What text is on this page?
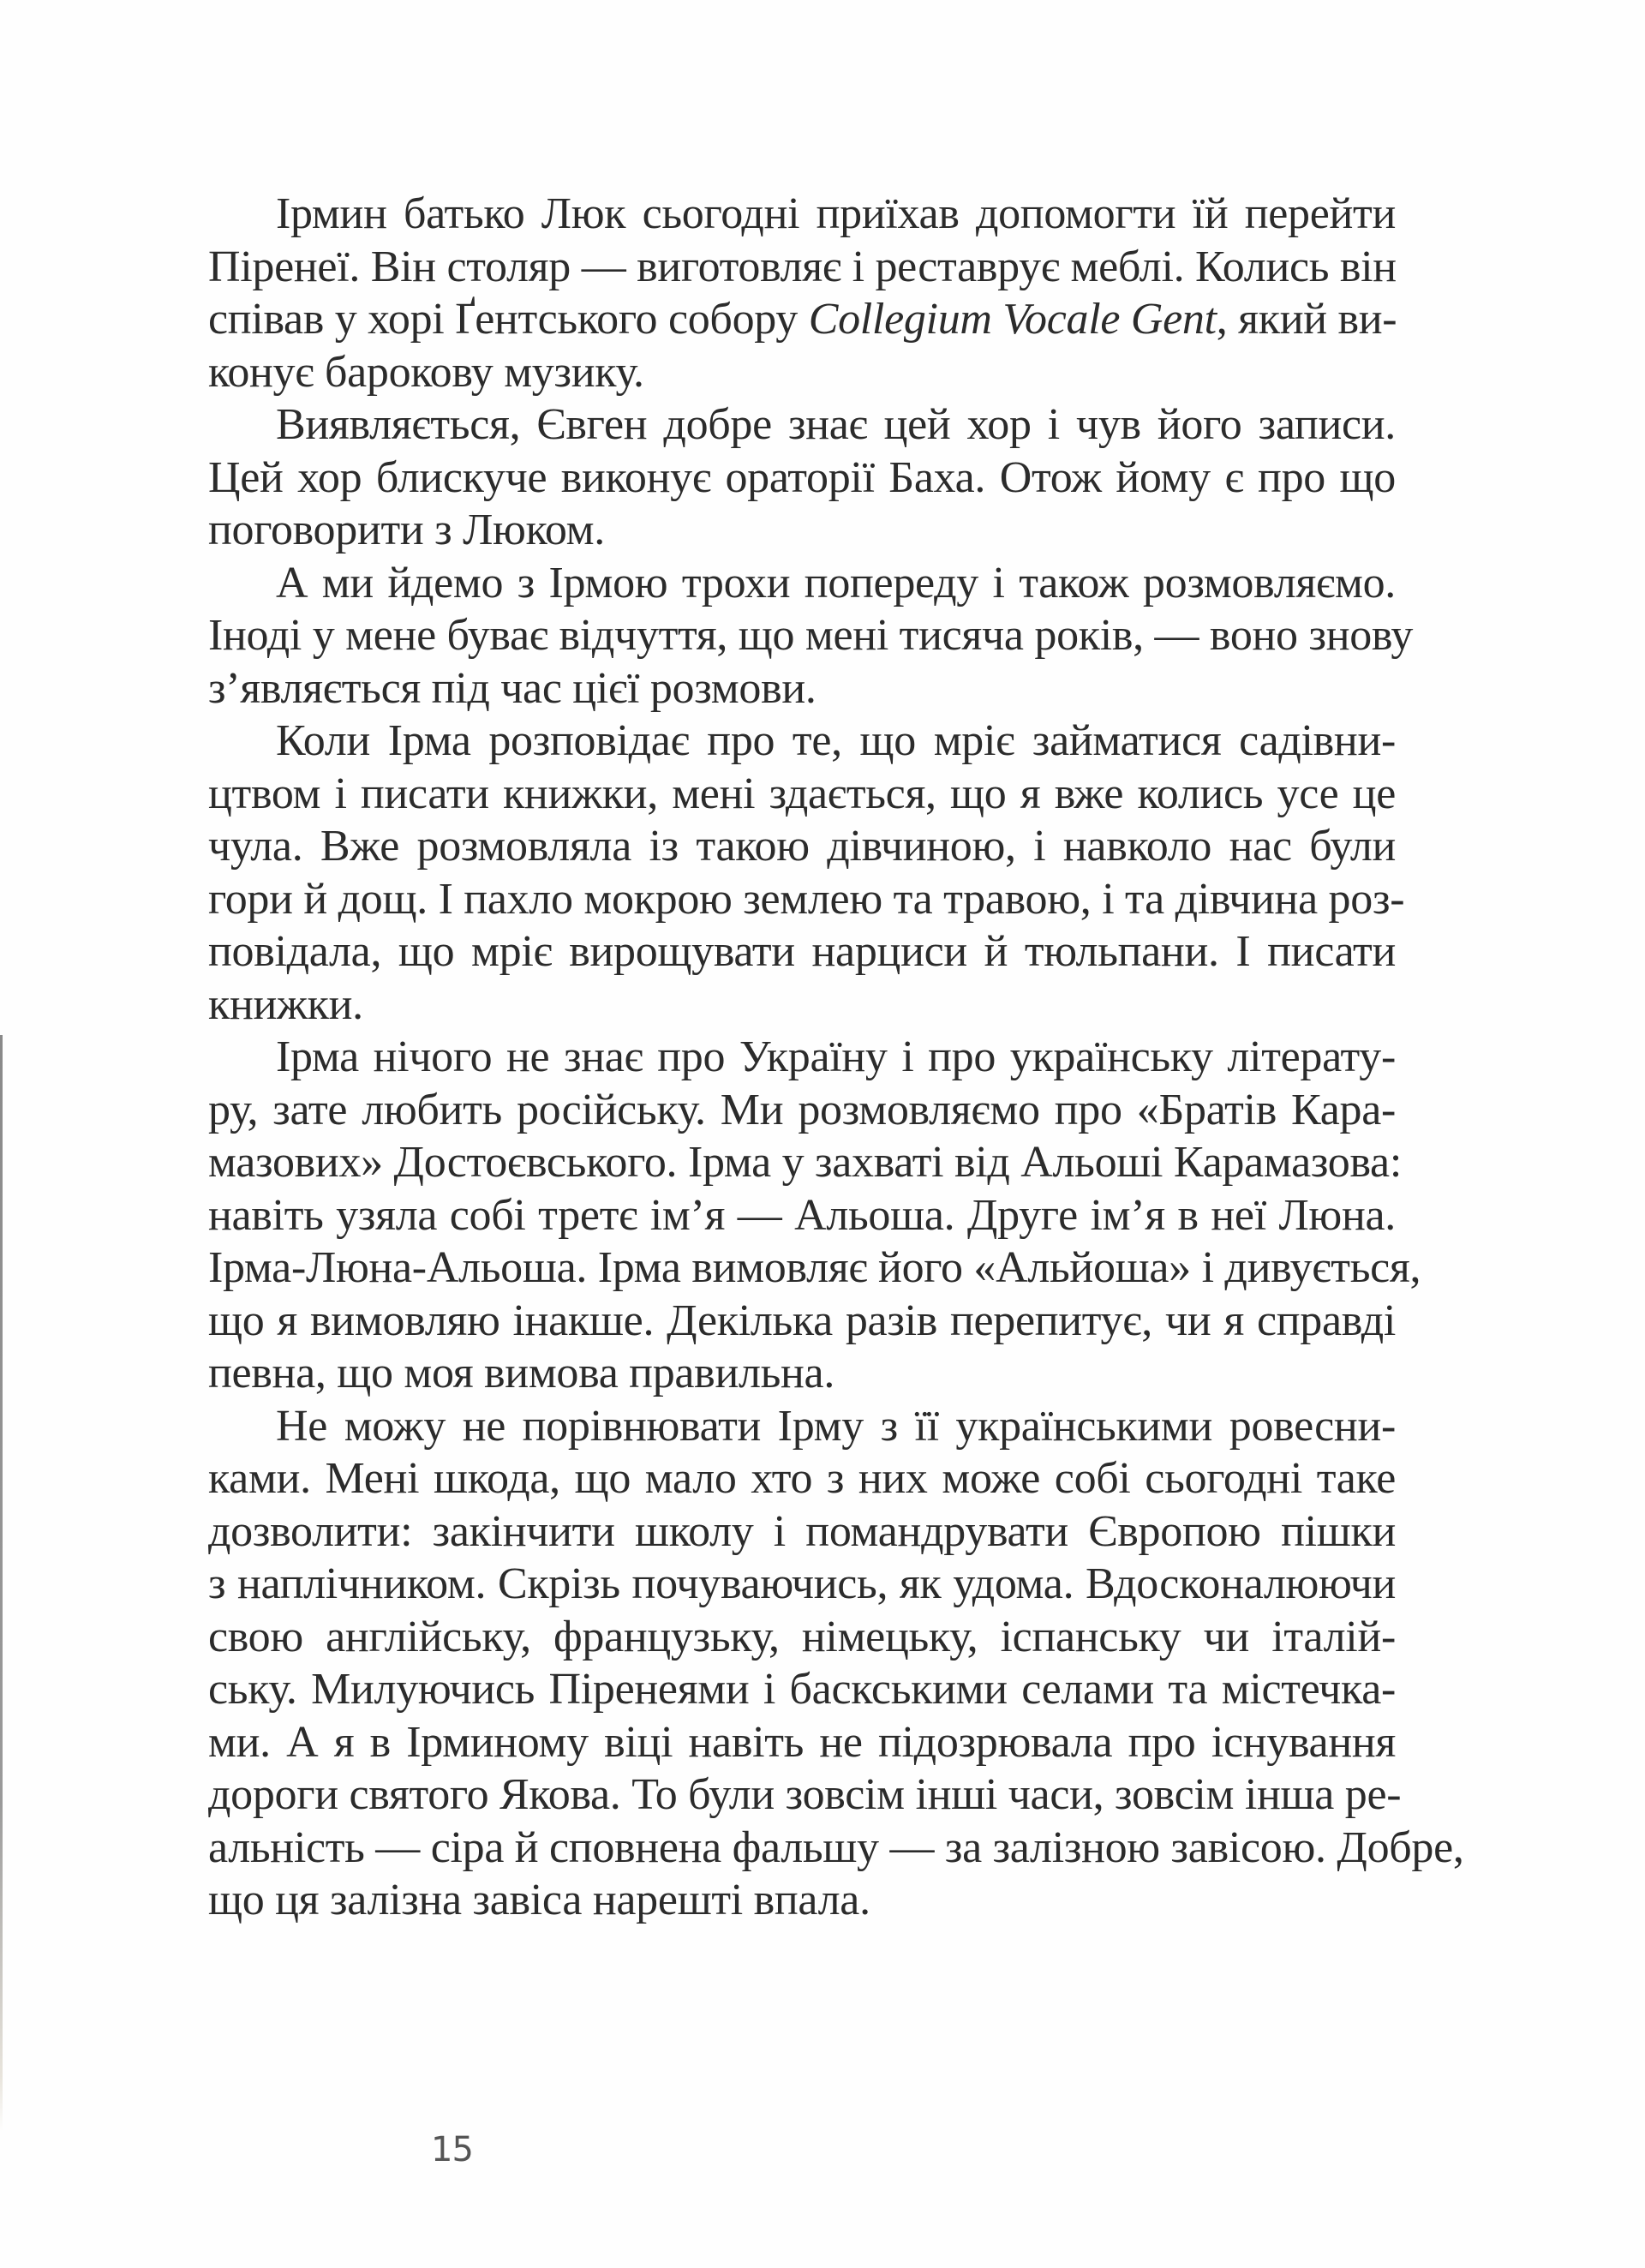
Ірмин батько Люк сьогодні приїхав допомогти їй перейти
Піренеї. Він столяр — виготовляє і реставрує меблі. Колись він
співав у хорі Ґентського собору Collegium Vocale Gent, який ви-
конує барокову музику.

Виявляється, Євген добре знає цей хор і чув його записи.
Цей хор блискуче виконує ораторії Баха. Отож йому є про що
поговорити з Люком.

А ми йдемо з Ірмою трохи попереду і також розмовляємо.
Іноді у мене буває відчуття, що мені тисяча років, — воно знову
з’являється під час цієї розмови.

Коли Ірма розповідає про те, що мріє займатися садівни-
цтвом і писати книжки, мені здається, що я вже колись усе це
чула. Вже розмовляла із такою дівчиною, і навколо нас були
гори й дощ. І пахло мокрою землею та травою, і та дівчина роз-
повідала, що мріє вирощувати нарциси й тюльпани. І писати
книжки.

Ірма нічого не знає про Україну і про українську літерату-
ру, зате любить російську. Ми розмовляємо про «Братів Кара-
мазових» Достоєвського. Ірма у захваті від Альоші Карамазова:
навіть узяла собі третє ім’я — Альоша. Друге ім’я в неї Люна.
Ірма-Люна-Альоша. Ірма вимовляє його «Альйоша» і дивується,
що я вимовляю інакше. Декілька разів перепитує, чи я справді
певна, що моя вимова правильна.

Не можу не порівнювати Ірму з її українськими ровесни-
ками. Мені шкода, що мало хто з них може собі сьогодні таке
дозволити: закінчити школу і помандрувати Європою пішки
з наплічником. Скрізь почуваючись, як удома. Вдосконалюючи
свою англійську, французьку, німецьку, іспанську чи італій-
ську. Милуючись Піренеями і баскськими селами та містечка-
ми. А я в Ірминому віці навіть не підозрювала про існування
дороги святого Якова. То були зовсім інші часи, зовсім інша ре-
альність — сіра й сповнена фальшу — за залізною завісою. Добре,
що ця залізна завіса нарешті впала.

15
